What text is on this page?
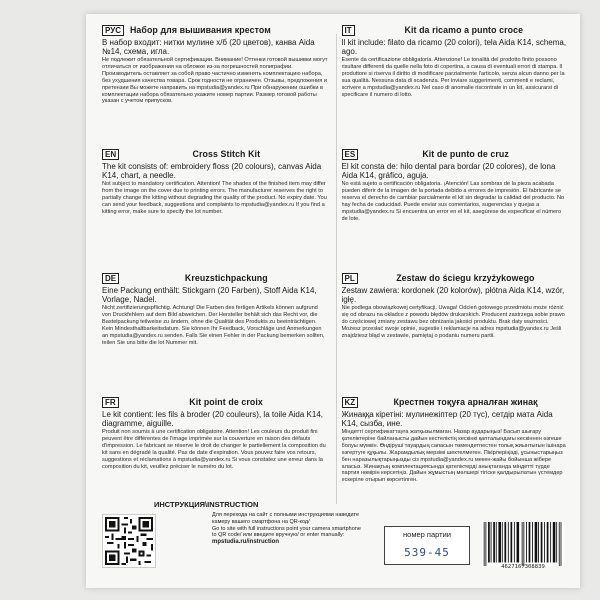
РУС	Набор для вышивания крестом

В набор входит: нитки мулине х/б (20 цветов), канва Aida №14, схема, игла.

Не подлежит обязательной сертификации. Внимание! Оттенки готовой вышивки могут отличаться от изображения на обложке из-за погрешностей полиграфии. Производитель оставляет за собой право частично изменять комплектацию набора, без ухудшения качества товара. Срок годности не ограничен. Отзывы, предложения и претензии Вы можете направить на mpstudia@yandex.ru При обнаружении ошибки в комплектации набора обязательно укажите номер партии. Размер готовой работы указан с учетом припусков.

IT	Kit da ricamo a punto croce

Il kit include: filato da ricamo (20 colori), tela Aida K14, schema, ago.

Esente da certificazione obbligatoria. Attenzione! Le tonalità del prodotto finito possono risultare differenti da quelle nella foto di copertina, a causa di eventuali errori di stampa. Il produttore si riserva il diritto di modificare parzialmente l'articolo, senza alcun danno per la sua qualità. Nessuna data di scadenza. Per inviare suggerimenti, commenti e reclami, scrivere a mpstudia@yandex.ru Nel caso di anomalie riscontrate in un kit, assicurarsi di specificare il numero di lotto.

EN	Cross Stitch Kit

The kit consists of: embroidery floss (20 colours), canvas Aida K14, chart, a needle.

Not subject to mandatory certification. Attention! The shades of the finished item may differ from the image on the cover due to printing errors. The manufacturer reserves the right to partially change the kitting without degrading the quality of the product. No expiry date. You can send your feedback, suggestions and complaints to mpstudia@yandex.ru If you find a kitting error, make sure to specify the lot number.

ES	Kit de punto de cruz

El kit consta de: hilo dental para bordar (20 colores), de lona Aida K14, gráfico, aguja.

No está sujeto a certificación obligatoria. ¡Atención! Las sombras de la pieza acabada pueden diferir de la imagen de la portada debido a errores de impresión. El fabricante se reserva el derecho de cambiar parcialmente el kit sin degradar la calidad del producto. No hay fecha de caducidad. Puede enviar sus comentarios, sugerencias y quejas a mpstudia@yandex.ru Si encuentra un error en el kit, asegúrese de especificar el número de lote.

DE	Kreuzstichpackung

Eine Packung enthält: Stickgarn (20 Farben), Stoff Aida K14, Vorlage, Nadel.

Nicht zertifizierungspflichtig. Achtung! Die Farben des fertigen Artikels können aufgrund von Druckfehlern auf dem Bild abweichen. Der Hersteller behält sich das Recht vor, die Bastelpackung teilweise zu ändern, ohne die Qualität des Produkts zu beeinträchtigen. Kein Mindesthaltbarkeitsdatum. Sie können Ihr Feedback, Vorschläge und Anmerkungen an mpstudia@yandex.ru senden. Falls Sie einen Fehler in der Packung bemerken sollten, teilen Sie uns bitte die lot Nummer mit.

PL	Zestaw do ściegu krzyżykowego

Zestaw zawiera: kordonek (20 kolorów), płótna Aida K14, wzór, igłę.

Nie podlega obowiązkowej certyfikacji. Uwaga! Odcień gotowego przedmiotu może różnić się od obrazu na okładce z powodu błędów drukarskich. Producent zastrzega sobie prawo do częściowej zmiany zestawu bez obniżania jakości produktu. Brak daty ważności. Możesz przesłać swoje opinie, sugestie i reklamacje na adres mpstudia@yandex.ru Jeśli znajdziesz błąd w zestawie, pamiętaj o podaniu numeru partii.

FR	Kit point de croix

Le kit contient: les fils à broder (20 couleurs), la toile Aida K14, diagramme, aiguille.

Produit non soumis à une certification obligatoire. Attention! Les couleurs du produit fini peuvent être différentes de l'image imprimée sur la couverture en raison des défauts d'impression. Le fabricant se réserve le droit de changer le partiellement la composition du kit sans en dégradé la qualité. Pas de date d'expiration. Vous pouvez faire vos retours, suggestions et réclamations à mpstudia@yandex.ru Si vous constatez une erreur dans la composition du kit, veuillez préciser le numéro du lot.

KZ	Крестпен тоқуға арналған жинақ

Жинаққа кіретіні: мулинежіптер (20 түс), сетдір мата Aida K14, сызба, ине.

Міндетті сертификаттауға жатқызылмаған. Назар аударыңыз! Басып шығару қателіктеріне байланысты дайын кестеліктің кескінкі қапталындағы кескіннен өзгеше болуы мүмкін. Өндіруші тауардың сапасын төмендетпестен толық жиынтығын ішінара өзгертуге құқылы. Жарамдылық мерзімі шектелмеген. Пікірлеріңізді, ұсыныстарыңыз бен наразылықтарыңызды сіз mpstudia@yandex.ru мекен-жайы бойынша жібере аласыз. Жинақтың комплектациясында қателіктерді анықтағанда міндетті түрде партия нөмірін көрсетіңіз. Дайын жұмыстың мөлшері тігіске қалдырылатын үстемдер ескеріле отырып көрсетілген.

ИНСТРУКЦИЯ\INSTRUCTION
Для перехода на сайт с полными инструкциями наведите камеру вашего смартфона на QR-код/
Go to site with full instructions point your camera smartphone to QR code/ или введите вручную/ or enter manually:
mpstudia.ru/instruction
номер партии
539-45
4627167308839
